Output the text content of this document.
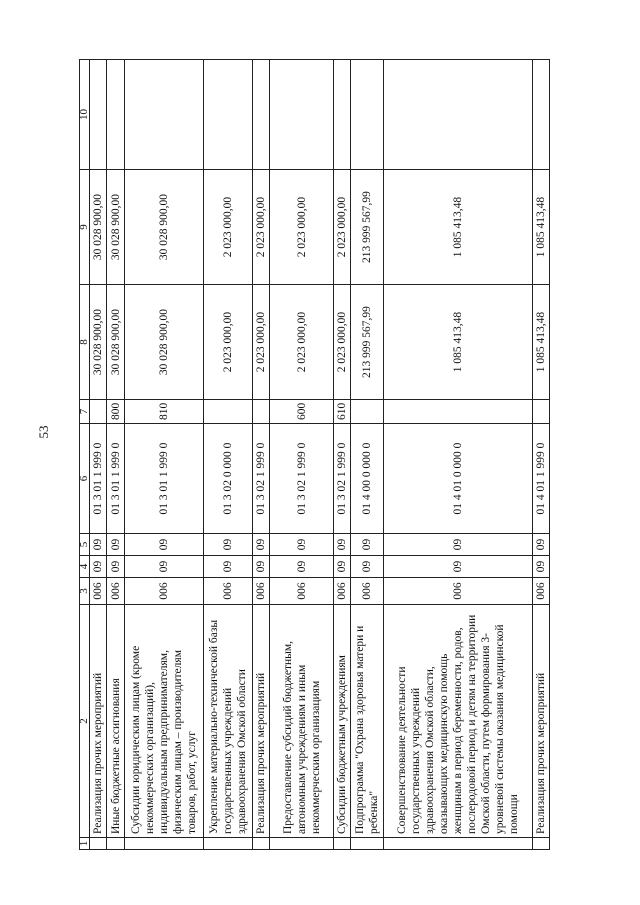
53
1	2	3	4	5	6	7	8	9	10
	Реализация прочих мероприятий	006	09	09	01 3 01 1 999 0		30 028 900,00	30 028 900,00	
	Иные бюджетные ассигнования	006	09	09	01 3 01 1 999 0	800	30 028 900,00	30 028 900,00	
	Субсидии юридическим лицам (кроме некоммерческих организаций), индивидуальным предпринимателям, физическим лицам – производителям товаров, работ, услуг	006	09	09	01 3 01 1 999 0	810	30 028 900,00	30 028 900,00	
	Укрепление материально-технической базы государственных учреждений здравоохранения Омской области	006	09	09	01 3 02 0 000 0		2 023 000,00	2 023 000,00	
	Реализация прочих мероприятий	006	09	09	01 3 02 1 999 0		2 023 000,00	2 023 000,00	
	Предоставление субсидий бюджетным, автономным учреждениям и иным некоммерческим организациям	006	09	09	01 3 02 1 999 0	600	2 023 000,00	2 023 000,00	
	Субсидии бюджетным учреждениям	006	09	09	01 3 02 1 999 0	610	2 023 000,00	2 023 000,00	
	Подпрограмма "Охрана здоровья матери и ребенка"	006	09	09	01 4 00 0 000 0		213 999 567,99	213 999 567,99	
	Совершенствование деятельности государственных учреждений здравоохранения Омской области, оказывающих медицинскую помощь женщинам в период беременности, родов, послеродовой период и детям на территории Омской области, путем формирования 3-уровневой системы оказания медицинской помощи	006	09	09	01 4 01 0 000 0		1 085 413,48	1 085 413,48	
	Реализация прочих мероприятий	006	09	09	01 4 01 1 999 0		1 085 413,48	1 085 413,48	
